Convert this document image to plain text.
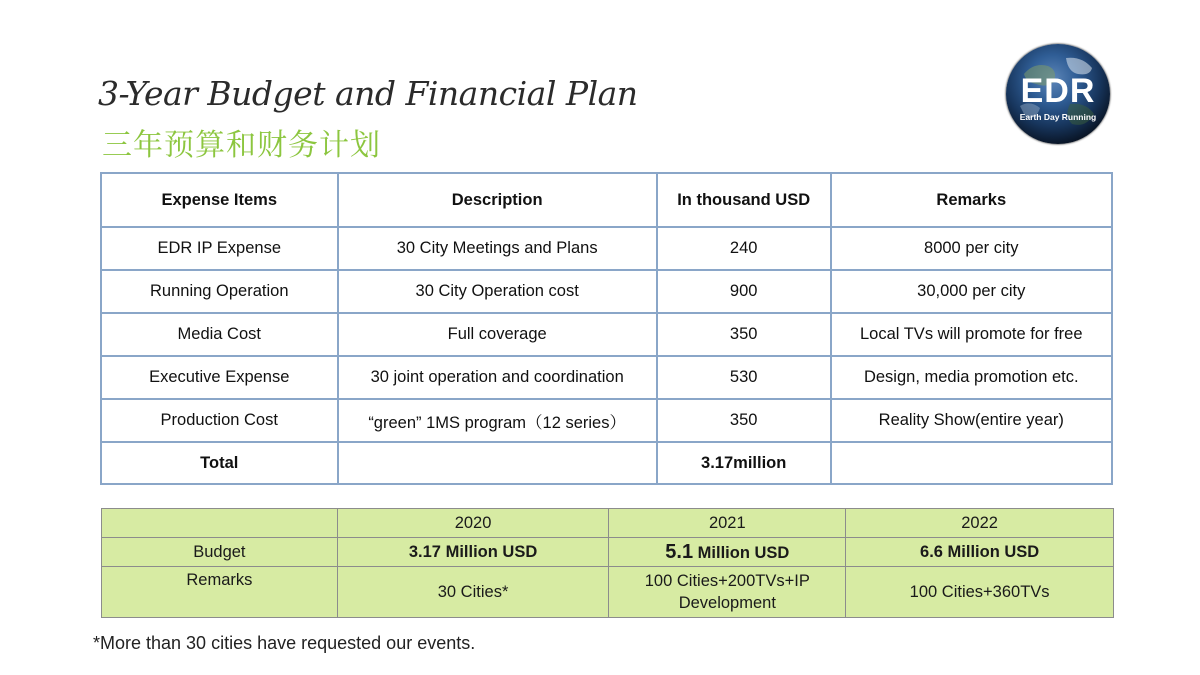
3-Year Budget and Financial Plan
三年预算和财务计划
EDR
Earth Day Running
Expense Items	Description	In thousand USD	Remarks
EDR IP Expense	30 City Meetings and Plans	240	8000 per city
Running Operation	30 City Operation cost	900	30,000 per city
Media Cost	Full coverage	350	Local TVs will promote for free
Executive Expense	30 joint operation and coordination	530	Design, media promotion etc.
Production Cost	“green” 1MS program（12 series）	350	Reality Show(entire year)
Total		3.17million	
	2020	2021	2022
Budget	3.17 Million USD	5.1 Million USD	6.6 Million USD
Remarks	30 Cities*	100 Cities+200TVs+IP Development	100 Cities+360TVs
*More than 30 cities have requested our events.
